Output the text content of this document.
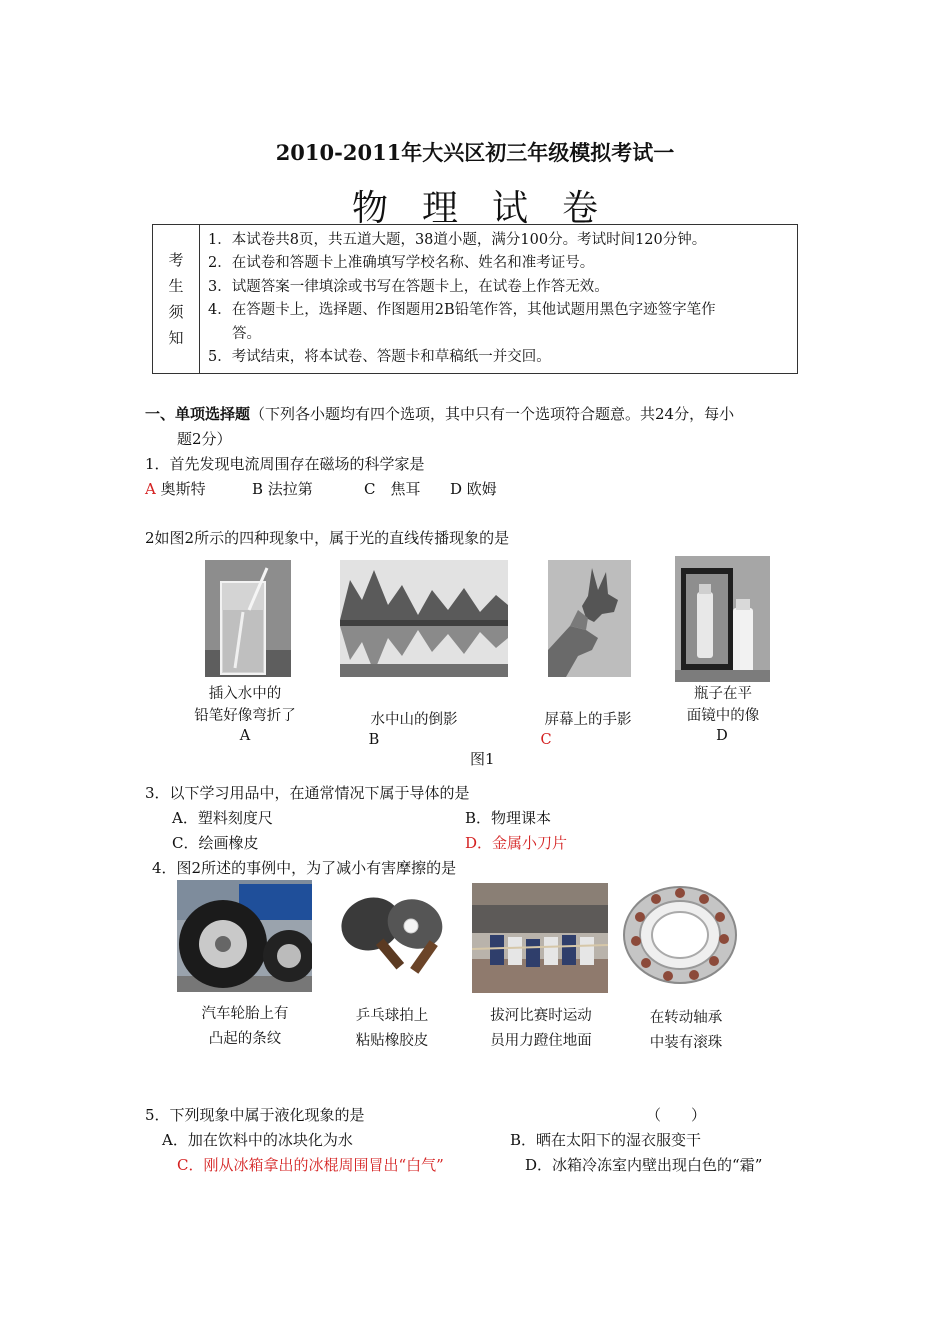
2010-2011年大兴区初三年级模拟考试一
物理试卷
考
生
须
知

1．本试卷共8页，共五道大题，38道小题，满分100分。考试时间120分钟。
2．在试卷和答题卡上准确填写学校名称、姓名和准考证号。
3．试题答案一律填涂或书写在答题卡上，在试卷上作答无效。
4．在答题卡上，选择题、作图题用2B铅笔作答，其他试题用黑色字迹签字笔作
答。
5．考试结束，将本试卷、答题卡和草稿纸一并交回。
一、单项选择题（下列各小题均有四个选项，其中只有一个选项符合题意。共24分，每小
题2分）
1．首先发现电流周围存在磁场的科学家是
A 奥斯特	B 法拉第	C　焦耳 D 欧姆
2如图2所示的四种现象中，属于光的直线传播现象的是
插入水中的
铅笔好像弯折了
A
水中山的倒影
B
屏幕上的手影
C
瓶子在平
面镜中的像
D
图1
3．以下学习用品中，在通常情况下属于导体的是
A．塑料刻度尺	B．物理课本
C．绘画橡皮	D．金属小刀片
4．图2所述的事例中，为了减小有害摩擦的是
汽车轮胎上有
凸起的条纹
乒乓球拍上
粘贴橡胶皮
拔河比赛时运动
员用力蹬住地面
在转动轴承
中装有滚珠
5．下列现象中属于液化现象的是	（　　）
A．加在饮料中的冰块化为水	B．晒在太阳下的湿衣服变干
C．刚从冰箱拿出的冰棍周围冒出“白气”	D．冰箱冷冻室内壁出现白色的“霜”
